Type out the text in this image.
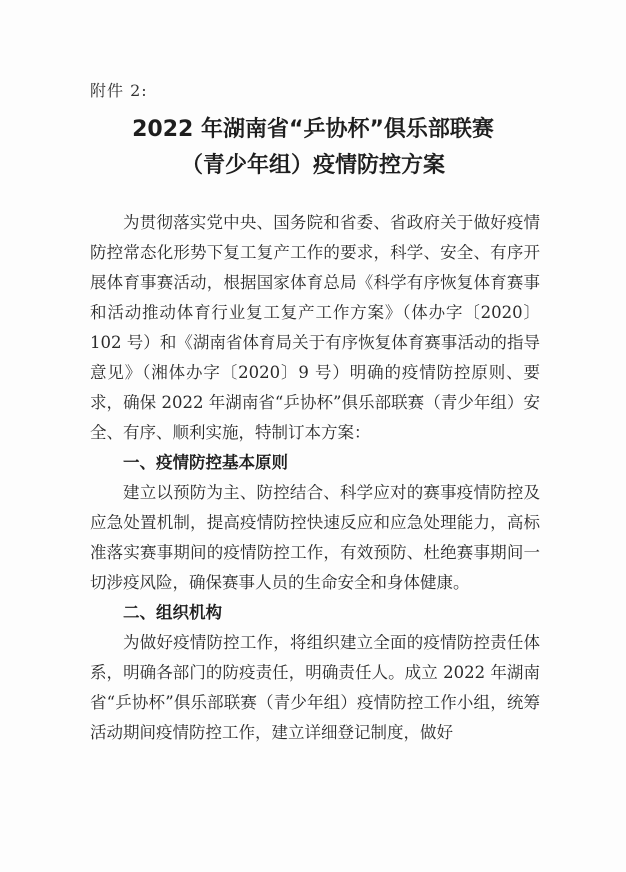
附件 2:
2022 年湖南省“乒协杯”俱乐部联赛
（青少年组）疫情防控方案

为贯彻落实党中央、国务院和省委、省政府关于做好疫情防控常态化形势下复工复产工作的要求，科学、安全、有序开展体育事赛活动，根据国家体育总局《科学有序恢复体育赛事和活动推动体育行业复工复产工作方案》（体办字〔2020〕102 号）和《湖南省体育局关于有序恢复体育赛事活动的指导意见》（湘体办字〔2020〕9 号）明确的疫情防控原则、要求，确保 2022 年湖南省“乒协杯”俱乐部联赛（青少年组）安全、有序、顺利实施，特制订本方案：

一、疫情防控基本原则

建立以预防为主、防控结合、科学应对的赛事疫情防控及应急处置机制，提高疫情防控快速反应和应急处理能力，高标准落实赛事期间的疫情防控工作，有效预防、杜绝赛事期间一切涉疫风险，确保赛事人员的生命安全和身体健康。

二、组织机构

为做好疫情防控工作，将组织建立全面的疫情防控责任体系，明确各部门的防疫责任，明确责任人。成立 2022 年湖南省“乒协杯”俱乐部联赛（青少年组）疫情防控工作小组，统筹活动期间疫情防控工作，建立详细登记制度，做好
